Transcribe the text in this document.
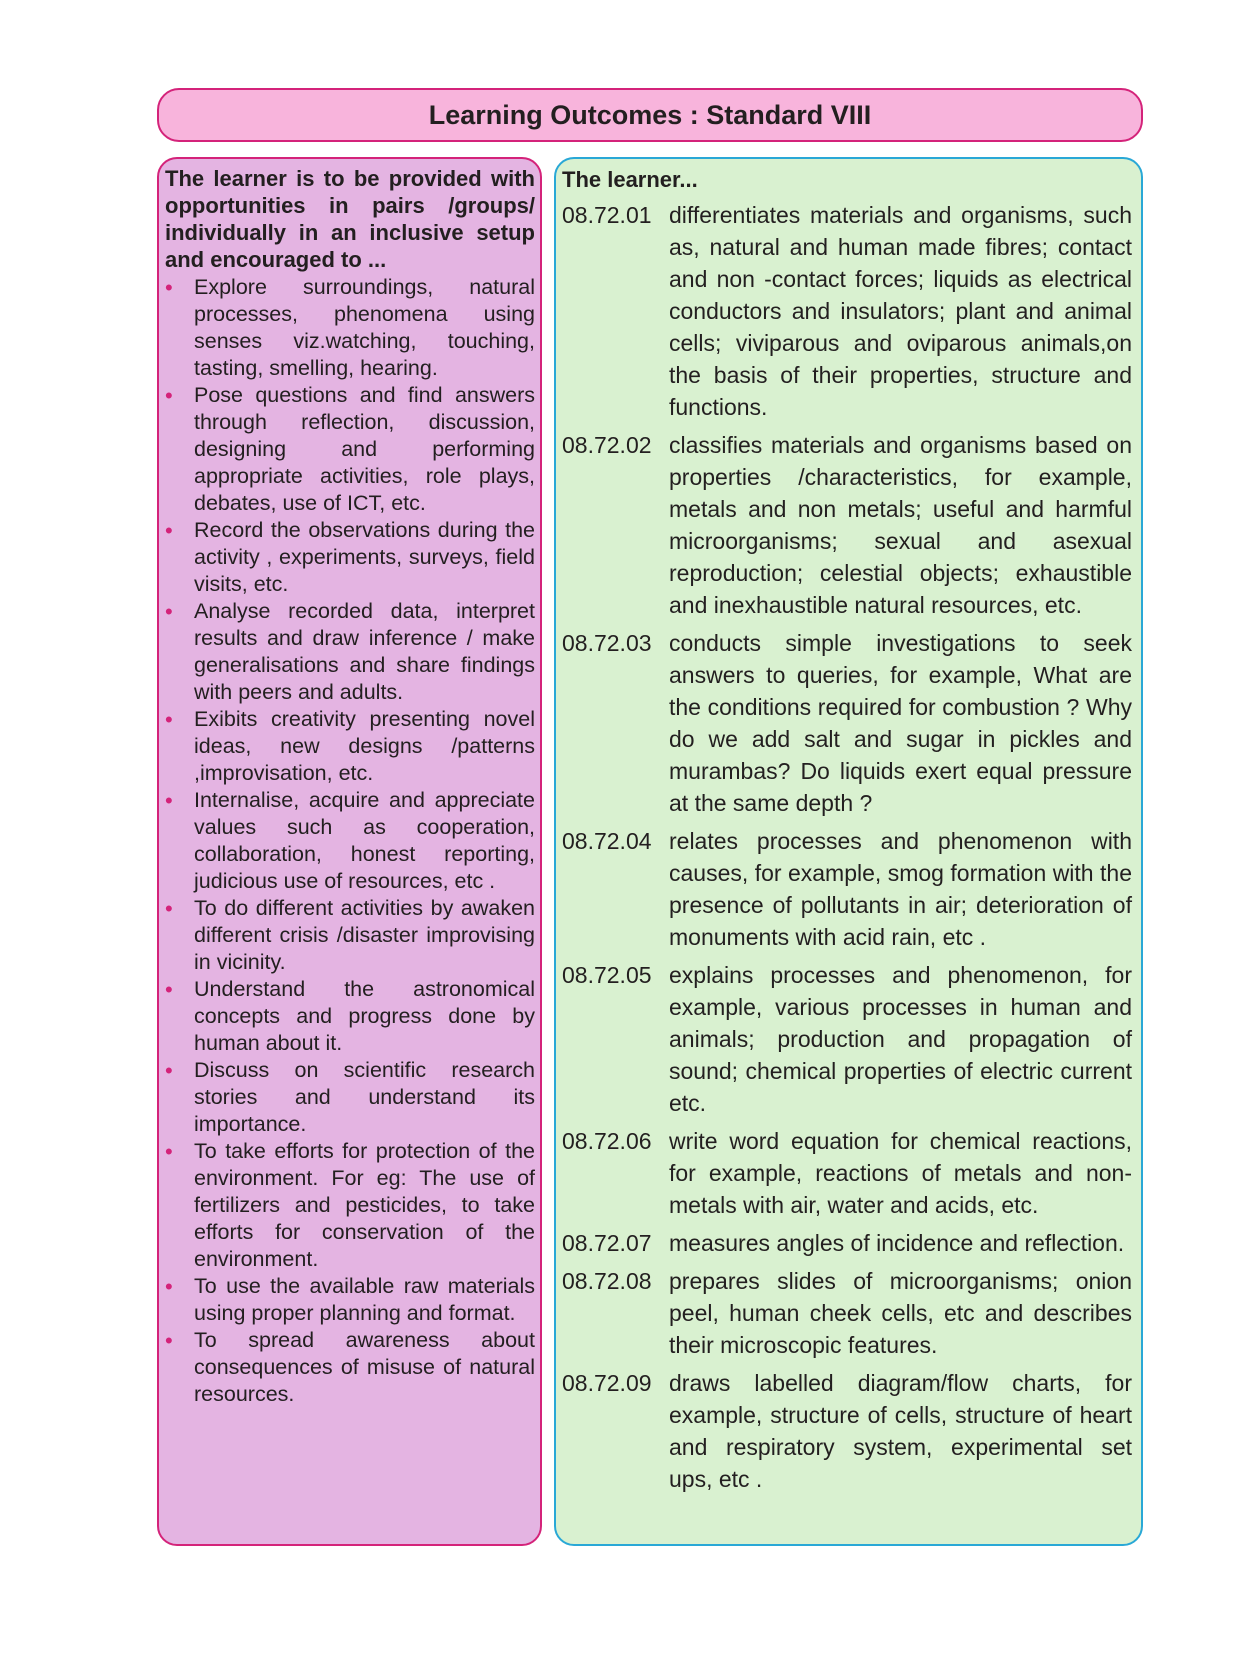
Learning Outcomes : Standard VIII
The learner is to be provided with opportunities in pairs /groups/ individually in an inclusive setup and encouraged to ...
• Explore surroundings, natural processes, phenomena using senses viz.watching, touching, tasting, smelling, hearing.
• Pose questions and find answers through reflection, discussion, designing and performing appropriate activities, role plays, debates, use of ICT, etc.
• Record the observations during the activity , experiments, surveys, field visits, etc.
• Analyse recorded data, interpret results and draw inference / make generalisations and share findings with peers and adults.
• Exibits creativity presenting novel ideas, new designs /patterns ,improvisation, etc.
• Internalise, acquire and appreciate values such as cooperation, collaboration, honest reporting, judicious use of resources, etc .
• To do different activities by awaken different crisis /disaster improvising in vicinity.
• Understand the astronomical concepts and progress done by human about it.
• Discuss on scientific research stories and understand its importance.
• To take efforts for protection of the environment. For eg: The use of fertilizers and pesticides, to take efforts for conservation of the environment.
• To use the available raw materials using proper planning and format.
• To spread awareness about consequences of misuse of natural resources.
The learner...
08.72.01 differentiates materials and organisms, such as, natural and human made fibres; contact and non -contact forces; liquids as electrical conductors and insulators; plant and animal cells; viviparous and oviparous animals,on the basis of their properties, structure and functions.
08.72.02 classifies materials and organisms based on properties /characteristics, for example, metals and non metals; useful and harmful microorganisms; sexual and asexual reproduction; celestial objects; exhaustible and inexhaustible natural resources, etc.
08.72.03 conducts simple investigations to seek answers to queries, for example, What are the conditions required for combustion ? Why do we add salt and sugar in pickles and murambas? Do liquids exert equal pressure at the same depth ?
08.72.04 relates processes and phenomenon with causes, for example, smog formation with the presence of pollutants in air; deterioration of monuments with acid rain, etc .
08.72.05 explains processes and phenomenon, for example, various processes in human and animals; production and propagation of sound; chemical properties of electric current etc.
08.72.06 write word equation for chemical reactions, for example, reactions of metals and non-metals with air, water and acids, etc.
08.72.07 measures angles of incidence and reflection.
08.72.08 prepares slides of microorganisms; onion peel, human cheek cells, etc and describes their microscopic features.
08.72.09 draws labelled diagram/flow charts, for example, structure of cells, structure of heart and respiratory system, experimental set ups, etc .
